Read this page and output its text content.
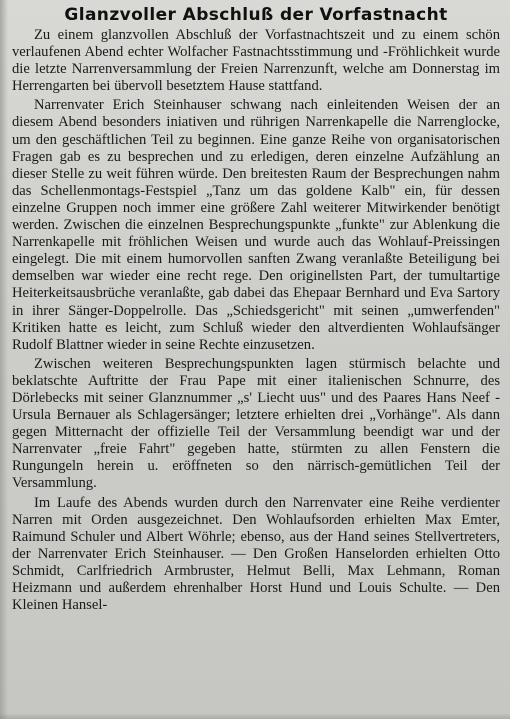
Glanzvoller Abschluß der Vorfastnacht

Zu einem glanzvollen Abschluß der Vorfastnachtszeit und zu einem schön verlaufenen Abend echter Wolfacher Fastnachtsstimmung und -Fröhlichkeit wurde die letzte Narrenversammlung der Freien Narrenzunft, welche am Donnerstag im Herrengarten bei übervoll besetztem Hause stattfand.

Narrenvater Erich Steinhauser schwang nach einleitenden Weisen der an diesem Abend besonders iniativen und rührigen Narrenkapelle die Narrenglocke, um den geschäftlichen Teil zu beginnen. Eine ganze Reihe von organisatorischen Fragen gab es zu besprechen und zu erledigen, deren einzelne Aufzählung an dieser Stelle zu weit führen würde. Den breitesten Raum der Besprechungen nahm das Schellenmontags-Festspiel „Tanz um das goldene Kalb" ein, für dessen einzelne Gruppen noch immer eine größere Zahl weiterer Mitwirkender benötigt werden. Zwischen die einzelnen Besprechungspunkte „funkte" zur Ablenkung die Narrenkapelle mit fröhlichen Weisen und wurde auch das Wohlauf-Preissingen eingelegt. Die mit einem humorvollen sanften Zwang veranlaßte Beteiligung bei demselben war wieder eine recht rege. Den originellsten Part, der tumultartige Heiterkeitsausbrüche veranlaßte, gab dabei das Ehepaar Bernhard und Eva Sartory in ihrer Sänger-Doppelrolle. Das „Schiedsgericht" mit seinen „umwerfenden" Kritiken hatte es leicht, zum Schluß wieder den altverdienten Wohlaufsänger Rudolf Blattner wieder in seine Rechte einzusetzen.

Zwischen weiteren Besprechungspunkten lagen stürmisch belachte und beklatschte Auftritte der Frau Pape mit einer italienischen Schnurre, des Dörlebecks mit seiner Glanznummer „s' Liecht uus" und des Paares Hans Neef - Ursula Bernauer als Schlagersänger; letztere erhielten drei „Vorhänge". Als dann gegen Mitternacht der offizielle Teil der Versammlung beendigt war und der Narrenvater „freie Fahrt" gegeben hatte, stürmten zu allen Fenstern die Rungungeln herein u. eröffneten so den närrisch-gemütlichen Teil der Versammlung.

Im Laufe des Abends wurden durch den Narrenvater eine Reihe verdienter Narren mit Orden ausgezeichnet. Den Wohlaufsorden erhielten Max Emter, Raimund Schuler und Albert Wöhrle; ebenso, aus der Hand seines Stellvertreters, der Narrenvater Erich Steinhauser. — Den Großen Hanselorden erhielten Otto Schmidt, Carlfriedrich Armbruster, Helmut Belli, Max Lehmann, Roman Heizmann und außerdem ehrenhalber Horst Hund und Louis Schulte. — Den Kleinen Hansel-
